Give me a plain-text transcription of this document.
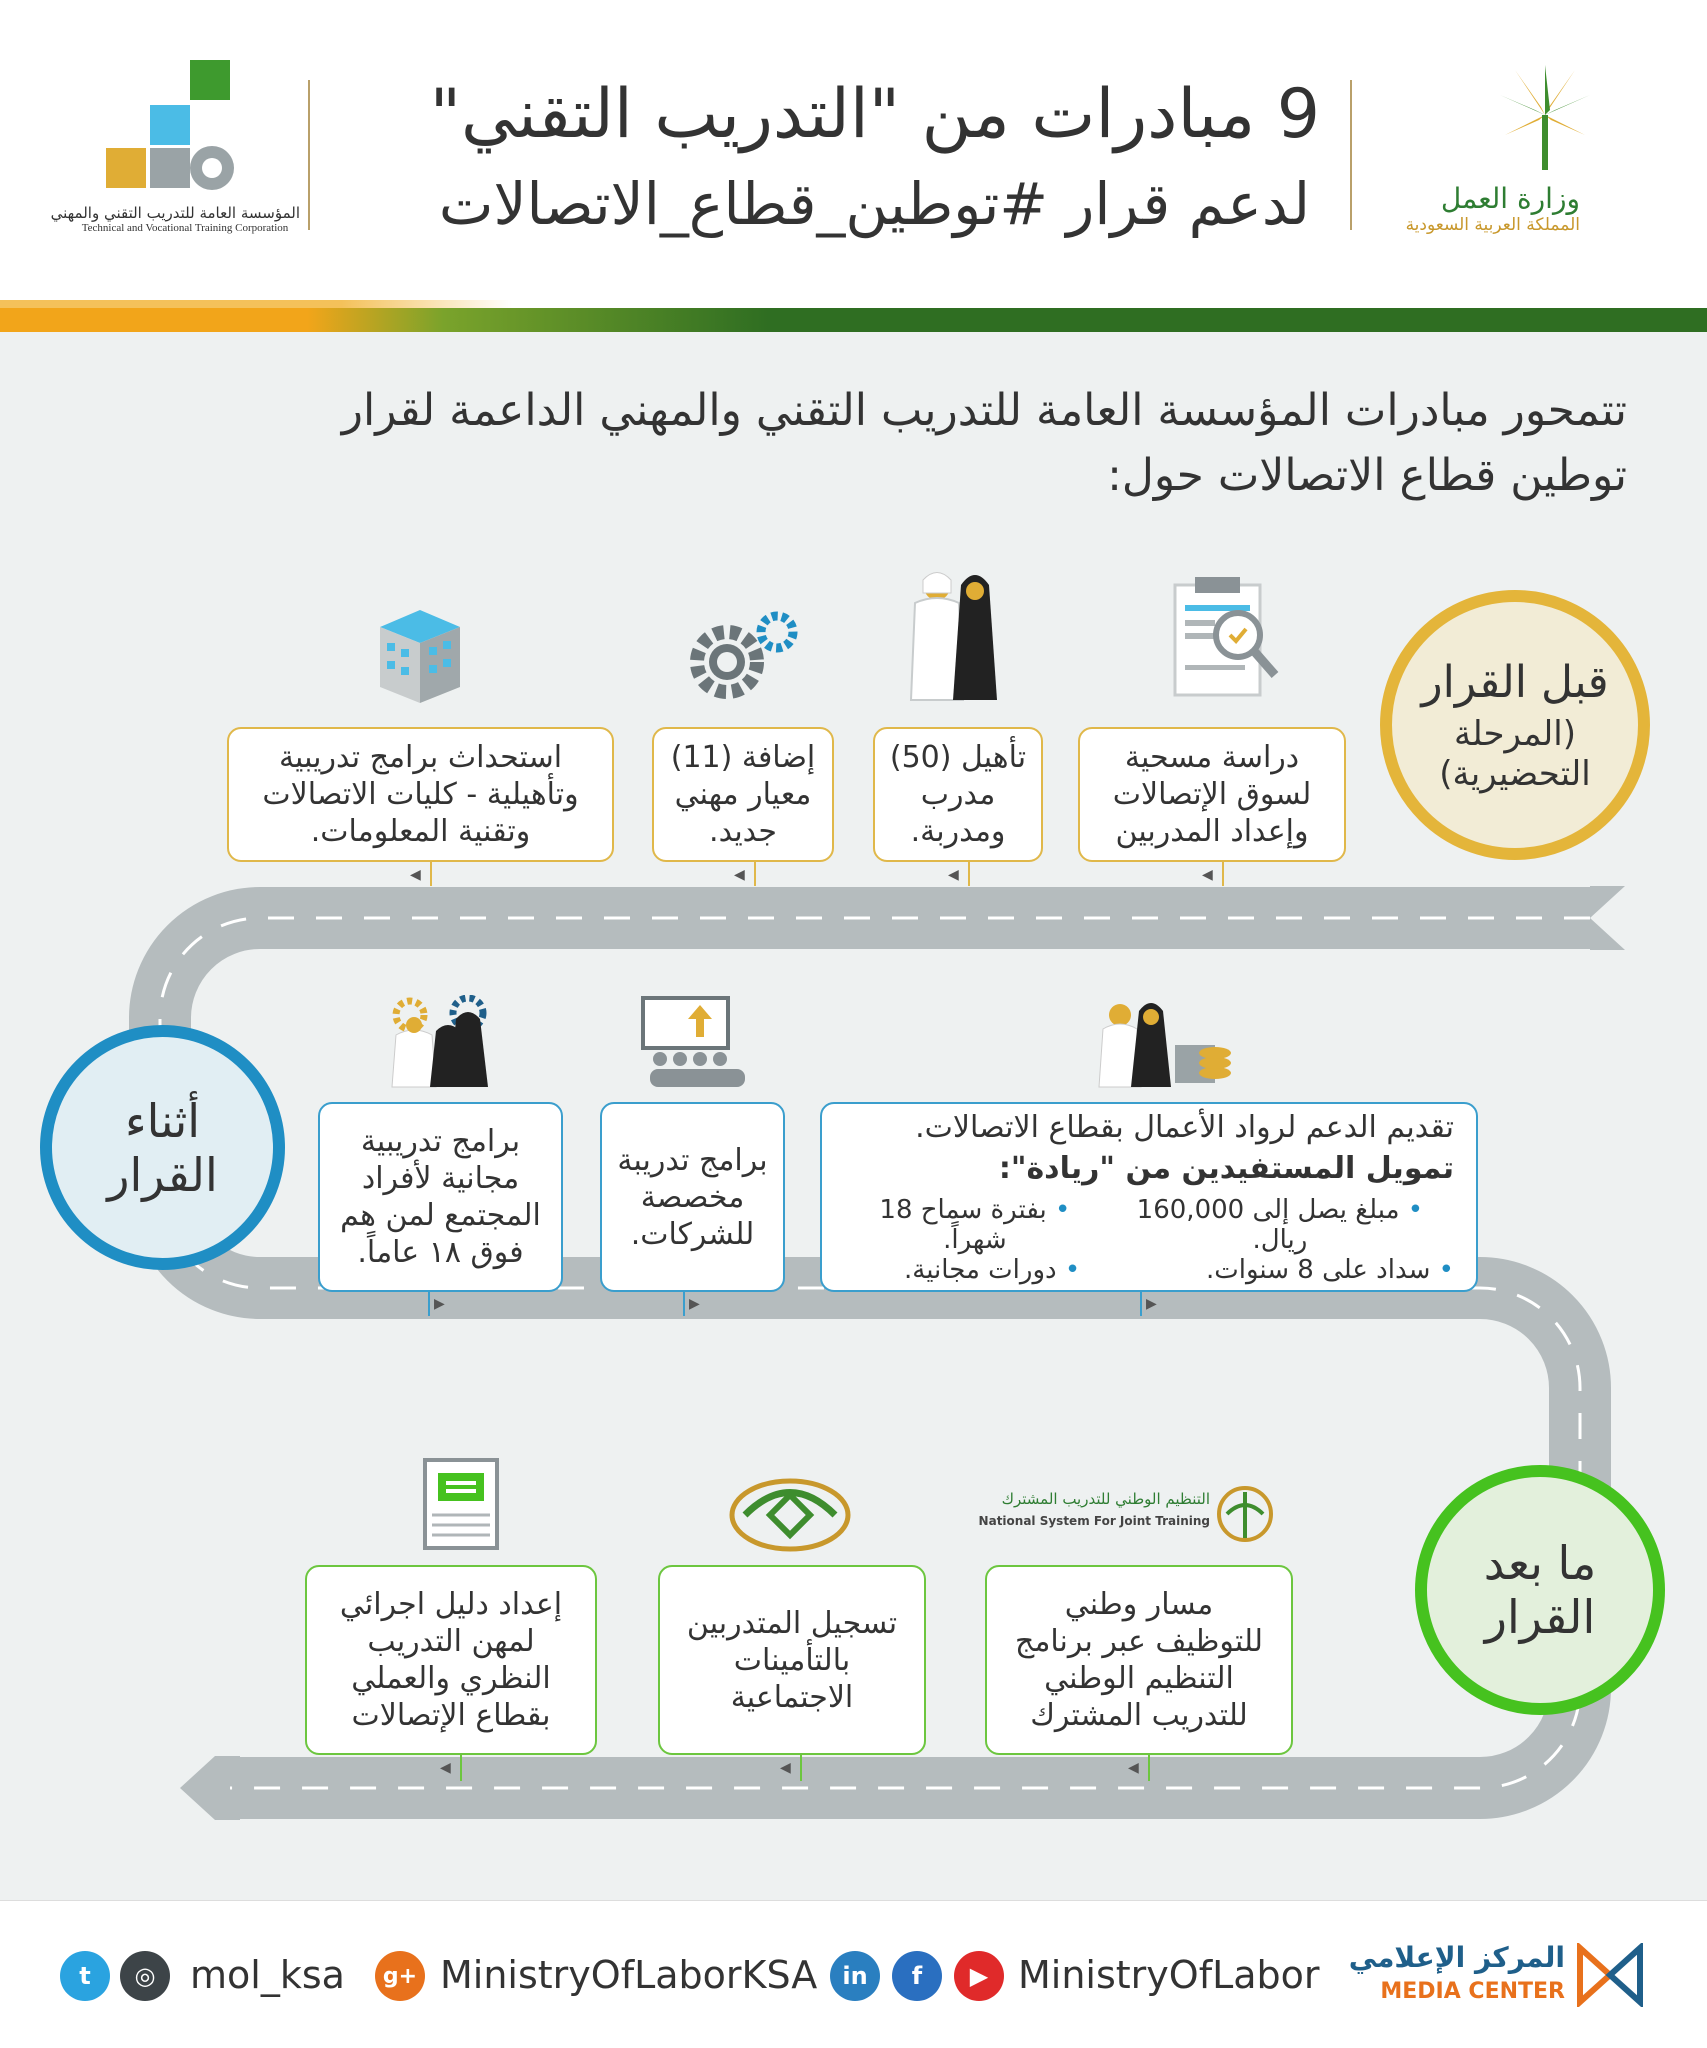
المؤسسة العامة للتدريب التقني والمهني
Technical and Vocational Training Corporation
9 مبادرات من "التدريب التقني"
لدعم قرار #توطين_قطاع_الاتصالات	وزارة العمل
المملكة العربية السعودية
تتمحور مبادرات المؤسسة العامة للتدريب التقني والمهني الداعمة لقرار
توطين قطاع الاتصالات حول:
قبل القرار
(المرحلة
التحضيرية)
أثناء
القرار
ما بعد
القرار
دراسة مسحية
لسوق الإتصالات
وإعداد المدربين
تأهيل (50)
مدرب
ومدربة.
إضافة (11)
معيار مهني
جديد.
استحداث برامج تدريبية
وتأهيلية - كليات الاتصالات
وتقنية المعلومات.
◀
◀
◀
◀
تقديم الدعم لرواد الأعمال بقطاع الاتصالات.
تمويل المستفيدين من "ريادة":
• مبلغ يصل إلى 160,000 ريال.
• بفترة سماح 18 شهراً.
• سداد على 8 سنوات.
• دورات مجانية.
برامج تدريبة
مخصصة
للشركات.
برامج تدريبية
مجانية لأفراد
المجتمع لمن هم
فوق ١٨ عاماً.
▶
▶
▶
التنظيم الوطني للتدريب المشترك
National System For Joint Training
مسار وطني
للتوظيف عبر برنامج
التنظيم الوطني
للتدريب المشترك
تسجيل المتدربين
بالتأمينات
الاجتماعية
إعداد دليل اجرائي
لمهن التدريب
النظري والعملي
بقطاع الإتصالات
◀
◀
◀
t	◎ mol_ksa	g+ MinistryOfLaborKSA	in	f	▶ MinistryOfLabor المركز الإعلامي
MEDIA CENTER
